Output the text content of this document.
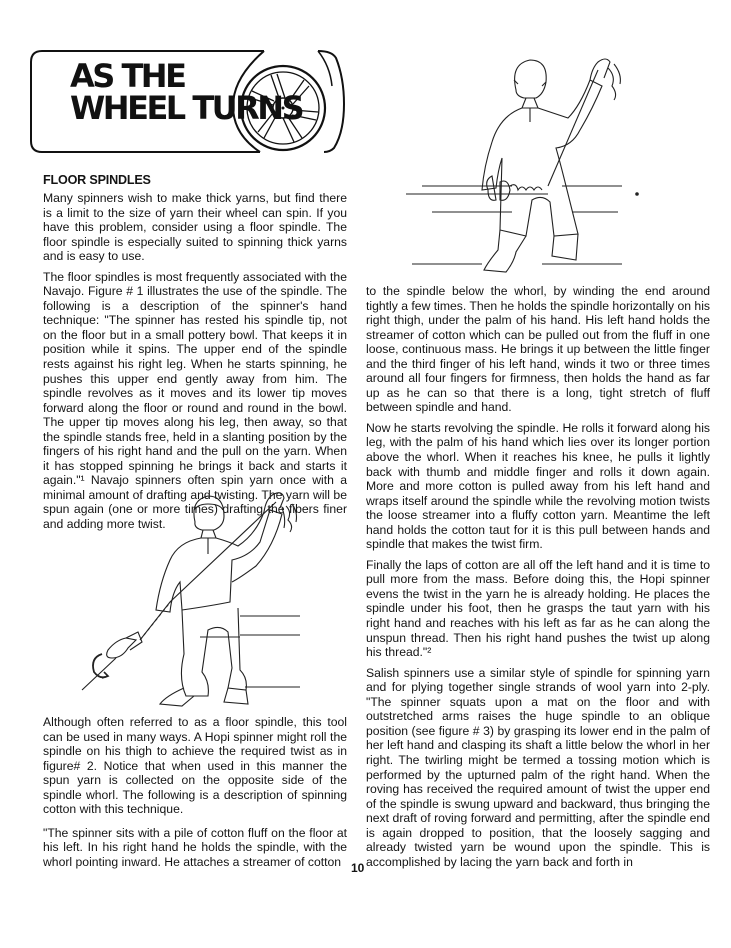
AS THE
WHEEL TURNS
FLOOR SPINDLES

Many spinners wish to make thick yarns, but find there is a limit to the size of yarn their wheel can spin. If you have this problem, consider using a floor spindle. The floor spindle is especially suited to spinning thick yarns and is easy to use.

The floor spindles is most frequently associated with the Navajo. Figure # 1 illustrates the use of the spindle. The following is a description of the spinner's hand technique: "The spinner has rested his spindle tip, not on the floor but in a small pottery bowl. That keeps it in position while it spins. The upper end of the spindle rests against his right leg. When he starts spinning, he pushes this upper end gently away from him. The spindle revolves as it moves and its lower tip moves forward along the floor or round and round in the bowl. The upper tip moves along his leg, then away, so that the spindle stands free, held in a slanting position by the fingers of his right hand and the pull on the yarn. When it has stopped spinning he brings it back and starts it again."¹ Navajo spinners often spin yarn once with a minimal amount of drafting and twisting. The yarn will be spun again (one or more times) drafting the fibers finer and adding more twist.

Although often referred to as a floor spindle, this tool can be used in many ways. A Hopi spinner might roll the spindle on his thigh to achieve the required twist as in figure# 2. Notice that when used in this manner the spun yarn is collected on the opposite side of the spindle whorl. The following is a description of spinning cotton with this technique.

"The spinner sits with a pile of cotton fluff on the floor at his left. In his right hand he holds the spindle, with the whorl pointing inward. He attaches a streamer of cotton

to the spindle below the whorl, by winding the end around tightly a few times. Then he holds the spindle horizontally on his right thigh, under the palm of his hand. His left hand holds the streamer of cotton which can be pulled out from the fluff in one loose, continuous mass. He brings it up between the little finger and the third finger of his left hand, winds it two or three times around all four fingers for firmness, then holds the hand as far up as he can so that there is a long, tight stretch of fluff between spindle and hand.

Now he starts revolving the spindle. He rolls it forward along his leg, with the palm of his hand which lies over its longer portion above the whorl. When it reaches his knee, he pulls it lightly back with thumb and middle finger and rolls it down again. More and more cotton is pulled away from his left hand and wraps itself around the spindle while the revolving motion twists the loose streamer into a fluffy cotton yarn. Meantime the left hand holds the cotton taut for it is this pull between hands and spindle that makes the twist firm.

Finally the laps of cotton are all off the left hand and it is time to pull more from the mass. Before doing this, the Hopi spinner evens the twist in the yarn he is already holding. He places the spindle under his foot, then he grasps the taut yarn with his right hand and reaches with his left as far as he can along the unspun thread. Then his right hand pushes the twist up along his thread."²

Salish spinners use a similar style of spindle for spinning yarn and for plying together single strands of wool yarn into 2-ply. "The spinner squats upon a mat on the floor and with outstretched arms raises the huge spindle to an oblique position (see figure # 3) by grasping its lower end in the palm of her left hand and clasping its shaft a little below the whorl in her right. The twirling might be termed a tossing motion which is performed by the upturned palm of the right hand. When the roving has received the required amount of twist the upper end of the spindle is swung upward and backward, thus bringing the next draft of roving forward and permitting, after the spindle end is again dropped to position, that the loosely sagging and already twisted yarn be wound upon the spindle. This is accomplished by lacing the yarn back and forth in

10
